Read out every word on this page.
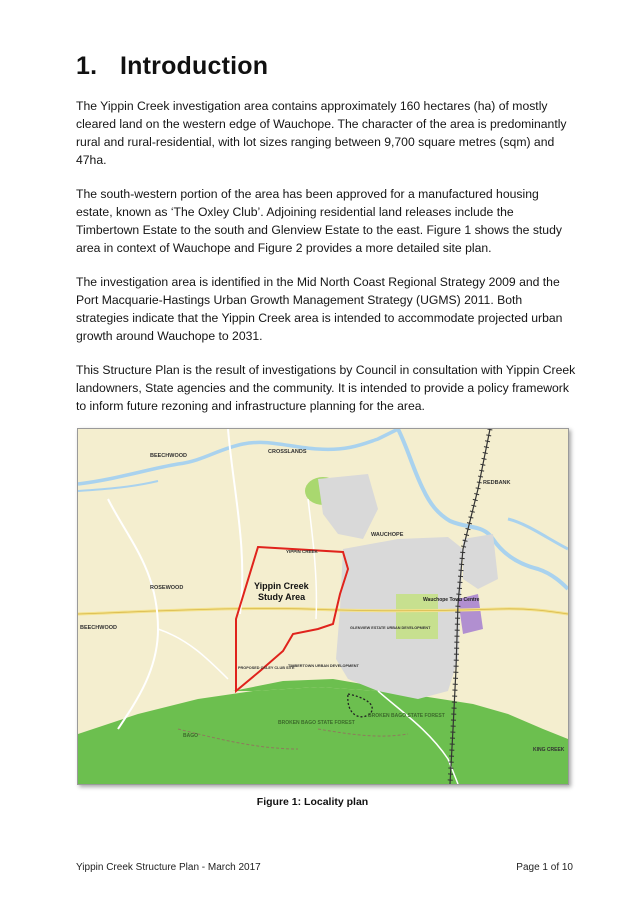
1. Introduction

The Yippin Creek investigation area contains approximately 160 hectares (ha) of mostly cleared land on the western edge of Wauchope. The character of the area is predominantly rural and rural-residential, with lot sizes ranging between 9,700 square metres (sqm) and 47ha.

The south-western portion of the area has been approved for a manufactured housing estate, known as ‘The Oxley Club’. Adjoining residential land releases include the Timbertown Estate to the south and Glenview Estate to the east. Figure 1 shows the study area in context of Wauchope and Figure 2 provides a more detailed site plan.

The investigation area is identified in the Mid North Coast Regional Strategy 2009 and the Port Macquarie-Hastings Urban Growth Management Strategy (UGMS) 2011. Both strategies indicate that the Yippin Creek area is intended to accommodate projected urban growth around Wauchope to 2031.

This Structure Plan is the result of investigations by Council in consultation with Yippin Creek landowners, State agencies and the community. It is intended to provide a policy framework to inform future rezoning and infrastructure planning for the area.

BEECHWOOD
CROSSLANDS
REDBANK
WAUCHOPE
YIPPIN CREEK
ROSEWOOD
BEECHWOOD
Yippin Creek
Study Area	Wauchope Town Centre
GLENVIEW ESTATE URBAN DEVELOPMENT
PROPOSED OXLEY CLUB SITE
TIMBERTOWN URBAN DEVELOPMENT
BROKEN BAGO STATE FOREST
BROKEN BAGO STATE FOREST
BAGO
KING CREEK

Figure 1: Locality plan

Yippin Creek Structure Plan - March 2017	Page 1 of 10
